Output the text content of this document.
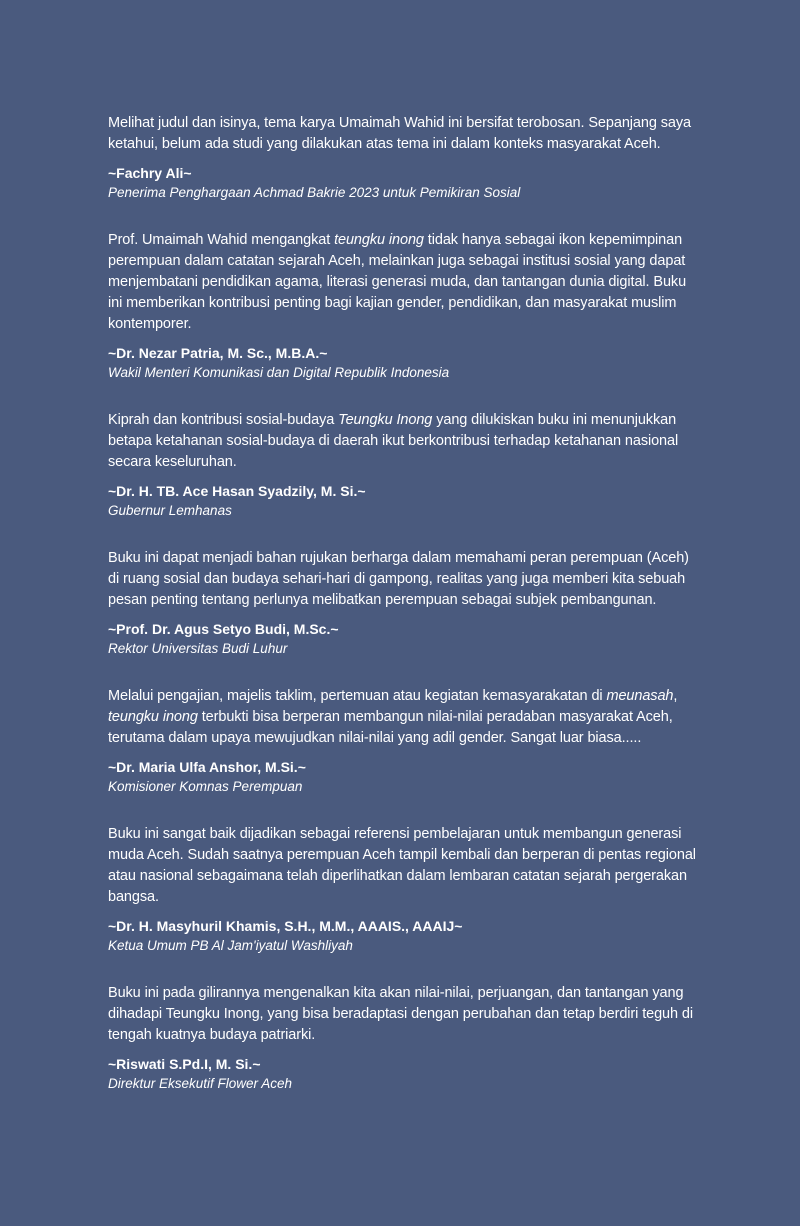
Melihat judul dan isinya, tema karya Umaimah Wahid ini bersifat terobosan. Sepanjang saya ketahui, belum ada studi yang dilakukan atas tema ini dalam konteks masyarakat Aceh.

~Fachry Ali~

Penerima Penghargaan Achmad Bakrie 2023 untuk Pemikiran Sosial

Prof. Umaimah Wahid mengangkat teungku inong tidak hanya sebagai ikon kepemimpinan perempuan dalam catatan sejarah Aceh, melainkan juga sebagai institusi sosial yang dapat menjembatani pendidikan agama, literasi generasi muda, dan tantangan dunia digital. Buku ini memberikan kontribusi penting bagi kajian gender, pendidikan, dan masyarakat muslim kontemporer.

~Dr. Nezar Patria, M. Sc., M.B.A.~

Wakil Menteri Komunikasi dan Digital Republik Indonesia

Kiprah dan kontribusi sosial-budaya Teungku Inong yang dilukiskan buku ini menunjukkan betapa ketahanan sosial-budaya di daerah ikut berkontribusi terhadap ketahanan nasional secara keseluruhan.

~Dr. H. TB. Ace Hasan Syadzily, M. Si.~

Gubernur Lemhanas

Buku ini dapat menjadi bahan rujukan berharga dalam memahami peran perempuan (Aceh) di ruang sosial dan budaya sehari-hari di gampong, realitas yang juga memberi kita sebuah pesan penting tentang perlunya melibatkan perempuan sebagai subjek pembangunan.

~Prof. Dr. Agus Setyo Budi, M.Sc.~

Rektor Universitas Budi Luhur

Melalui pengajian, majelis taklim, pertemuan atau kegiatan kemasyarakatan di meunasah, teungku inong terbukti bisa berperan membangun nilai-nilai peradaban masyarakat Aceh, terutama dalam upaya mewujudkan nilai-nilai yang adil gender. Sangat luar biasa.....

~Dr. Maria Ulfa Anshor, M.Si.~

Komisioner Komnas Perempuan

Buku ini sangat baik dijadikan sebagai referensi pembelajaran untuk membangun generasi muda Aceh. Sudah saatnya perempuan Aceh tampil kembali dan berperan di pentas regional atau nasional sebagaimana telah diperlihatkan dalam lembaran catatan sejarah pergerakan bangsa.

~Dr. H. Masyhuril Khamis, S.H., M.M., AAAIS., AAAIJ~

Ketua Umum PB Al Jam'iyatul Washliyah

Buku ini pada gilirannya mengenalkan kita akan nilai-nilai, perjuangan, dan tantangan yang dihadapi Teungku Inong, yang bisa beradaptasi dengan perubahan dan tetap berdiri teguh di tengah kuatnya budaya patriarki.

~Riswati S.Pd.I, M. Si.~

Direktur Eksekutif Flower Aceh
